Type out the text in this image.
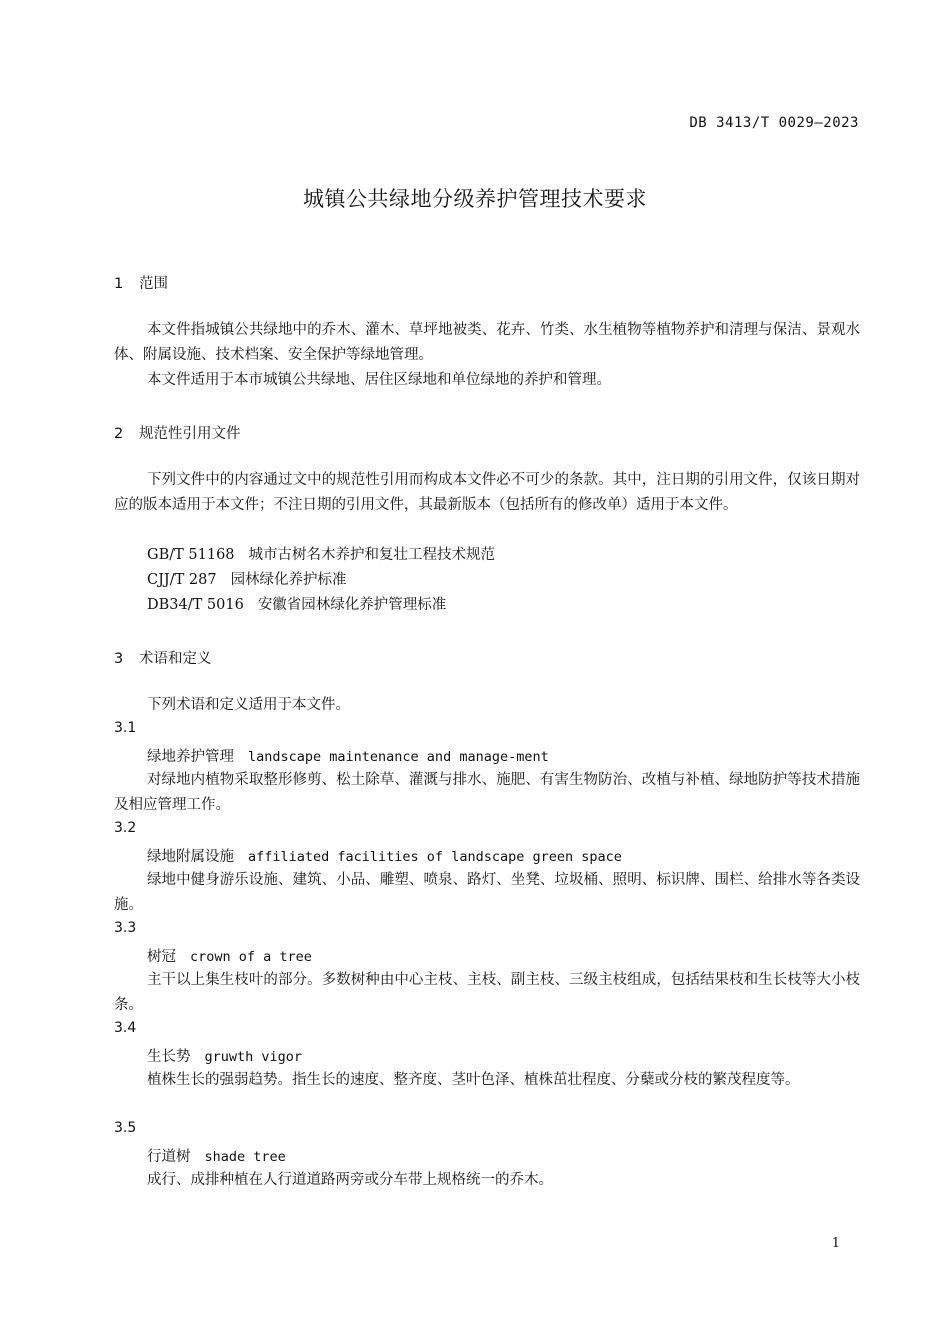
DB 3413/T 0029—2023
城镇公共绿地分级养护管理技术要求
1 范围
本文件指城镇公共绿地中的乔木、灌木、草坪地被类、花卉、竹类、水生植物等植物养护和清理与保洁、景观水体、附属设施、技术档案、安全保护等绿地管理。
本文件适用于本市城镇公共绿地、居住区绿地和单位绿地的养护和管理。
2 规范性引用文件
下列文件中的内容通过文中的规范性引用而构成本文件必不可少的条款。其中，注日期的引用文件，仅该日期对应的版本适用于本文件；不注日期的引用文件，其最新版本（包括所有的修改单）适用于本文件。
GB/T 51168 城市古树名木养护和复壮工程技术规范
CJJ/T 287 园林绿化养护标准
DB34/T 5016 安徽省园林绿化养护管理标准
3 术语和定义
下列术语和定义适用于本文件。
3.1
绿地养护管理 landscape maintenance and manage-ment
对绿地内植物采取整形修剪、松土除草、灌溉与排水、施肥、有害生物防治、改植与补植、绿地防护等技术措施及相应管理工作。
3.2
绿地附属设施 affiliated facilities of landscape green space
绿地中健身游乐设施、建筑、小品、雕塑、喷泉、路灯、坐凳、垃圾桶、照明、标识牌、围栏、给排水等各类设施。
3.3
树冠 crown of a tree
主干以上集生枝叶的部分。多数树种由中心主枝、主枝、副主枝、三级主枝组成，包括结果枝和生长枝等大小枝条。
3.4
生长势 gruwth vigor
植株生长的强弱趋势。指生长的速度、整齐度、茎叶色泽、植株茁壮程度、分蘖或分枝的繁茂程度等。
3.5
行道树 shade tree
成行、成排种植在人行道道路两旁或分车带上规格统一的乔木。
1
